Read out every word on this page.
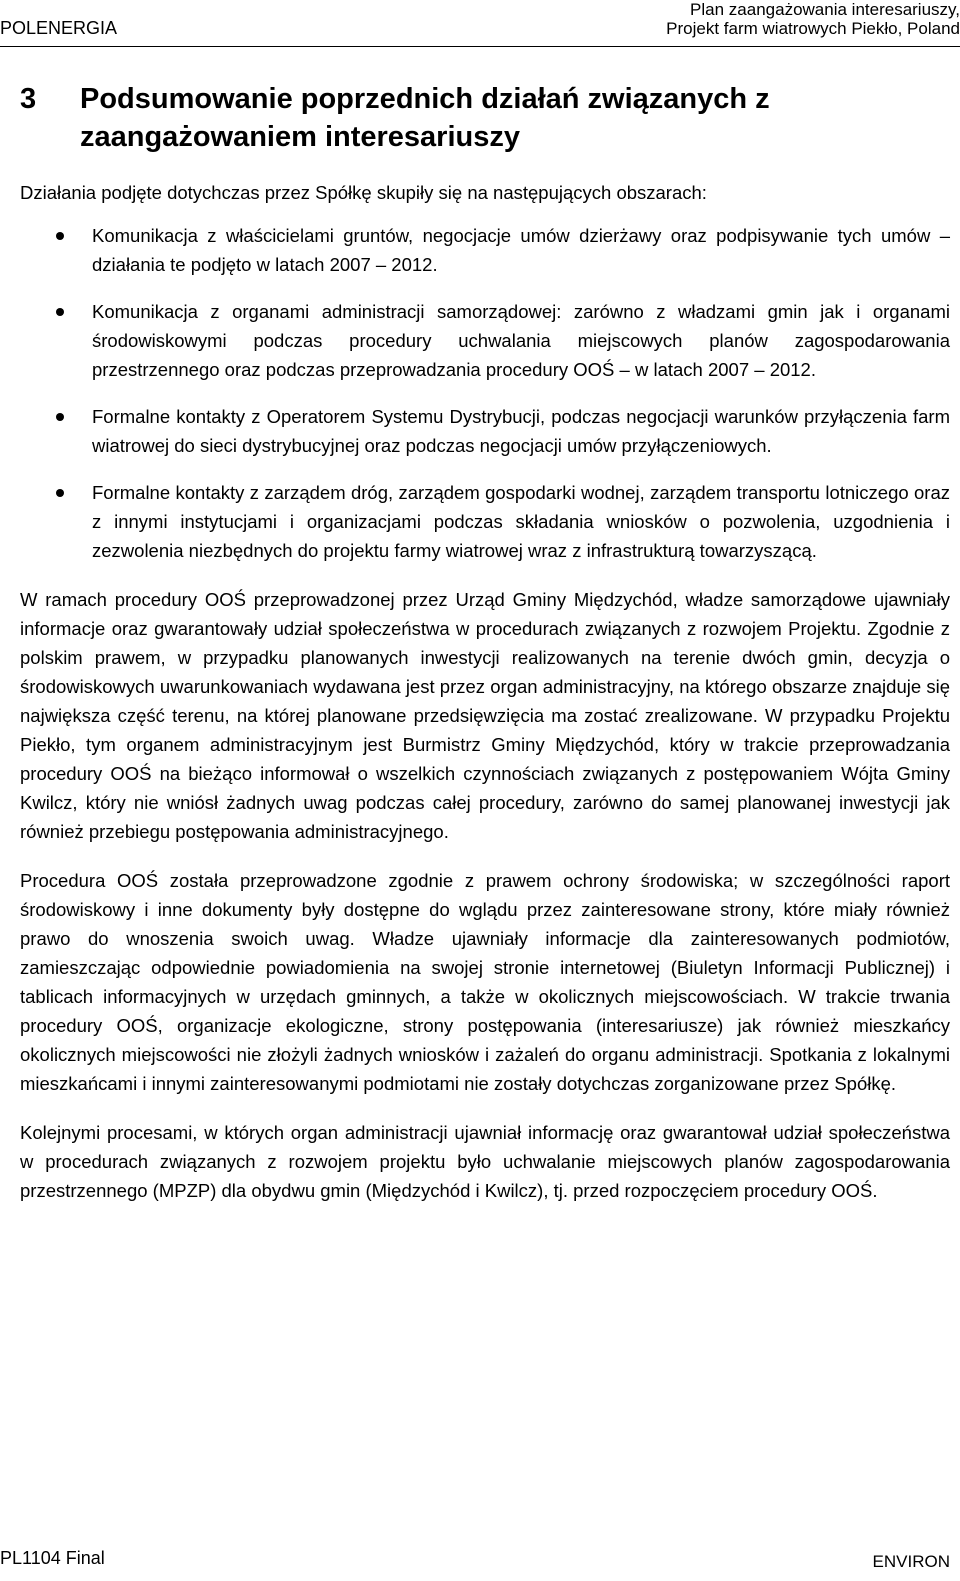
POLENERGIA
Plan zaangażowania interesariuszy,
Projekt farm wiatrowych Piekło, Poland
3	Podsumowanie poprzednich działań związanych z zaangażowaniem interesariuszy

Działania podjęte dotychczas przez Spółkę skupiły się na następujących obszarach:

Komunikacja z właścicielami gruntów, negocjacje umów dzierżawy oraz podpisywanie tych umów – działania te podjęto w latach 2007 – 2012.
Komunikacja z organami administracji samorządowej: zarówno z władzami gmin jak i organami środowiskowymi podczas procedury uchwalania miejscowych planów zagospodarowania przestrzennego oraz podczas przeprowadzania procedury OOŚ – w latach 2007 – 2012.
Formalne kontakty z Operatorem Systemu Dystrybucji, podczas negocjacji warunków przyłączenia farm wiatrowej do sieci dystrybucyjnej oraz podczas negocjacji umów przyłączeniowych.
Formalne kontakty z zarządem dróg, zarządem gospodarki wodnej, zarządem transportu lotniczego oraz z innymi instytucjami i organizacjami podczas składania wniosków o pozwolenia, uzgodnienia i zezwolenia niezbędnych do projektu farmy wiatrowej wraz z infrastrukturą towarzyszącą.

W ramach procedury OOŚ przeprowadzonej przez Urząd Gminy Międzychód, władze samorządowe ujawniały informacje oraz gwarantowały udział społeczeństwa w procedurach związanych z rozwojem Projektu. Zgodnie z polskim prawem, w przypadku planowanych inwestycji realizowanych na terenie dwóch gmin, decyzja o środowiskowych uwarunkowaniach wydawana jest przez organ administracyjny, na którego obszarze znajduje się największa część terenu, na której planowane przedsięwzięcia ma zostać zrealizowane. W przypadku Projektu Piekło, tym organem administracyjnym jest Burmistrz Gminy Międzychód, który w trakcie przeprowadzania procedury OOŚ na bieżąco informował o wszelkich czynnościach związanych z postępowaniem Wójta Gminy Kwilcz, który nie wniósł żadnych uwag podczas całej procedury, zarówno do samej planowanej inwestycji jak również przebiegu postępowania administracyjnego.

Procedura OOŚ została przeprowadzone zgodnie z prawem ochrony środowiska; w szczególności raport środowiskowy i inne dokumenty były dostępne do wglądu przez zainteresowane strony, które miały również prawo do wnoszenia swoich uwag. Władze ujawniały informacje dla zainteresowanych podmiotów, zamieszczając odpowiednie powiadomienia na swojej stronie internetowej (Biuletyn Informacji Publicznej) i tablicach informacyjnych w urzędach gminnych, a także w okolicznych miejscowościach. W trakcie trwania procedury OOŚ, organizacje ekologiczne, strony postępowania (interesariusze) jak również mieszkańcy okolicznych miejscowości nie złożyli żadnych wniosków i zażaleń do organu administracji. Spotkania z lokalnymi mieszkańcami i innymi zainteresowanymi podmiotami nie zostały dotychczas zorganizowane przez Spółkę.

Kolejnymi procesami, w których organ administracji ujawniał informację oraz gwarantował udział społeczeństwa w procedurach związanych z rozwojem projektu było uchwalanie miejscowych planów zagospodarowania przestrzennego (MPZP) dla obydwu gmin (Międzychód i Kwilcz), tj. przed rozpoczęciem procedury OOŚ.

PL1104 Final	ENVIRON
